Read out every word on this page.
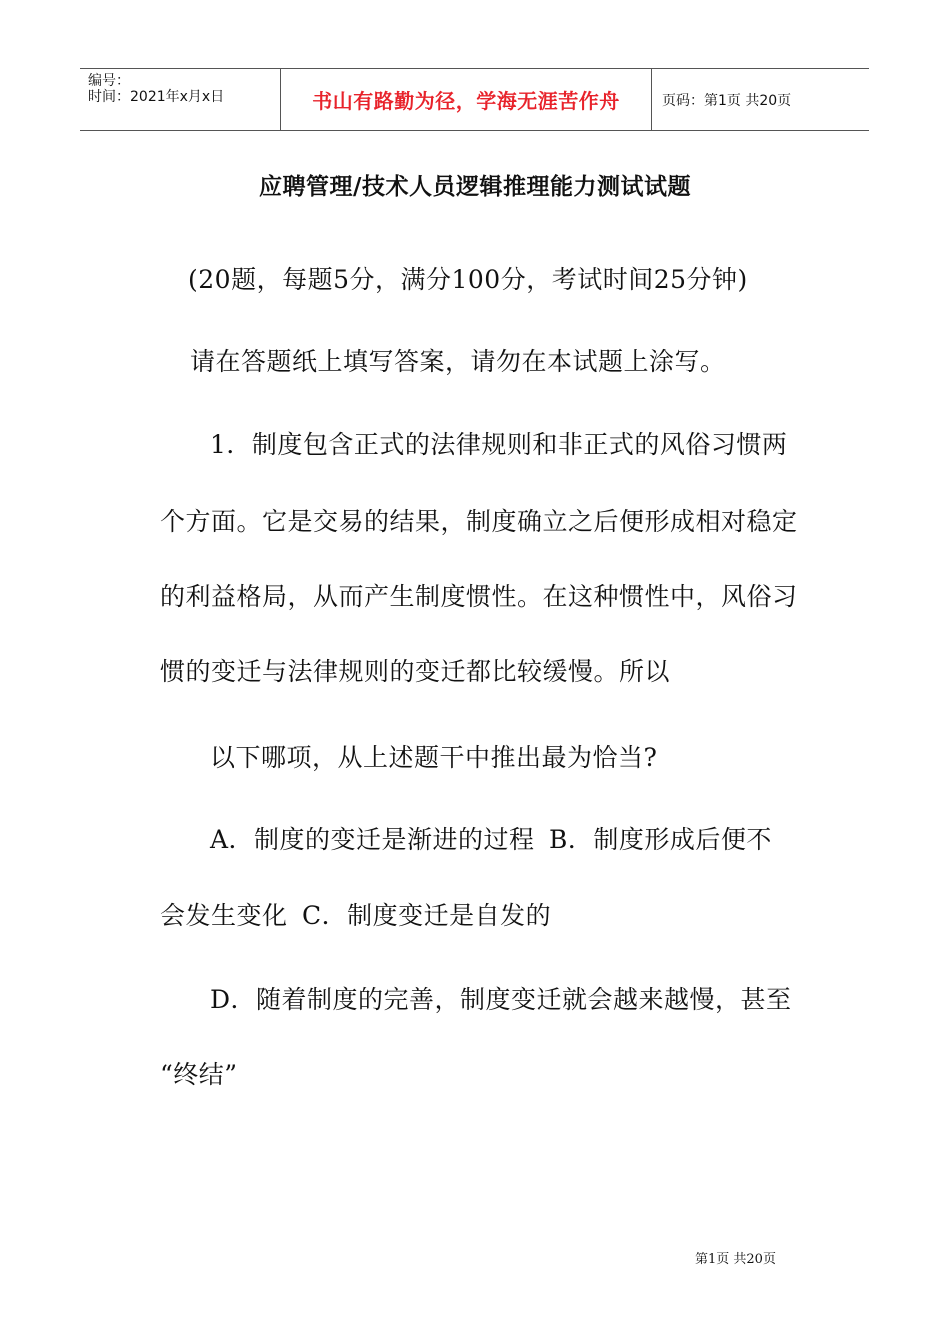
编号：
时间：2021年x月x日	书山有路勤为径，学海无涯苦作舟	页码：第1页 共20页
应聘管理/技术人员逻辑推理能力测试试题
(20题，每题5分，满分100分，考试时间25分钟)
请在答题纸上填写答案，请勿在本试题上涂写。
1．制度包含正式的法律规则和非正式的风俗习惯两
个方面。它是交易的结果，制度确立之后便形成相对稳定
的利益格局，从而产生制度惯性。在这种惯性中，风俗习
惯的变迁与法律规则的变迁都比较缓慢。所以
以下哪项，从上述题干中推出最为恰当?
A．制度的变迁是渐进的过程 B．制度形成后便不
会发生变化 C．制度变迁是自发的
D．随着制度的完善，制度变迁就会越来越慢，甚至
“终结”
第1页 共20页
